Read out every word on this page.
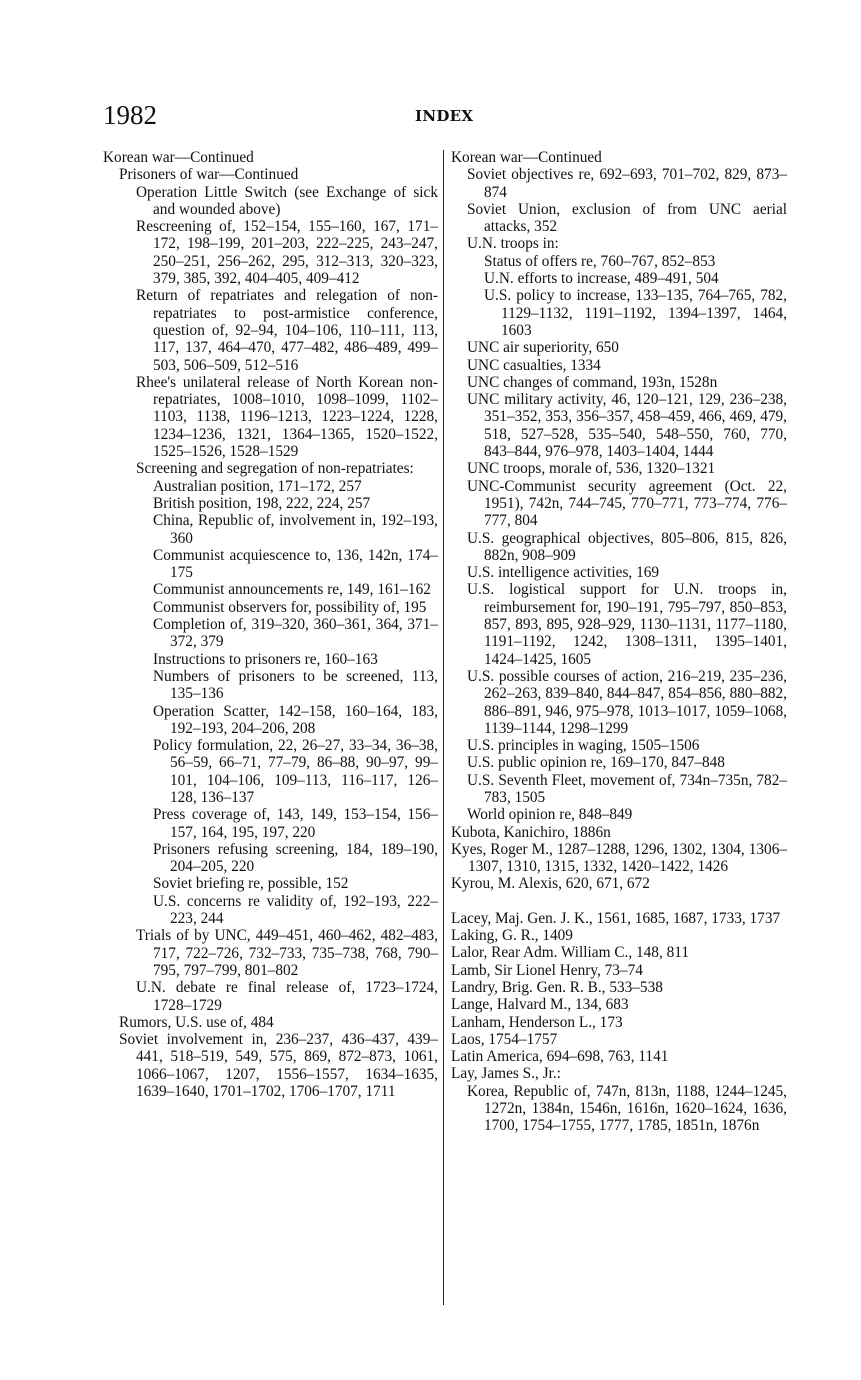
1982	INDEX
Korean war—Continued
Prisoners of war—Continued
Operation Little Switch (see Exchange of sick and wounded above)
Rescreening of, 152–154, 155–160, 167, 171–172, 198–199, 201–203, 222–225, 243–247, 250–251, 256–262, 295, 312–313, 320–323, 379, 385, 392, 404–405, 409–412
Return of repatriates and relegation of non-repatriates to post-armistice conference, question of, 92–94, 104–106, 110–111, 113, 117, 137, 464–470, 477–482, 486–489, 499–503, 506–509, 512–516
Rhee's unilateral release of North Korean non-repatriates, 1008–1010, 1098–1099, 1102–1103, 1138, 1196–1213, 1223–1224, 1228, 1234–1236, 1321, 1364–1365, 1520–1522, 1525–1526, 1528–1529
Screening and segregation of non-repatriates:
Australian position, 171–172, 257
British position, 198, 222, 224, 257
China, Republic of, involvement in, 192–193, 360
Communist acquiescence to, 136, 142n, 174–175
Communist announcements re, 149, 161–162
Communist observers for, possibility of, 195
Completion of, 319–320, 360–361, 364, 371–372, 379
Instructions to prisoners re, 160–163
Numbers of prisoners to be screened, 113, 135–136
Operation Scatter, 142–158, 160–164, 183, 192–193, 204–206, 208
Policy formulation, 22, 26–27, 33–34, 36–38, 56–59, 66–71, 77–79, 86–88, 90–97, 99–101, 104–106, 109–113, 116–117, 126–128, 136–137
Press coverage of, 143, 149, 153–154, 156–157, 164, 195, 197, 220
Prisoners refusing screening, 184, 189–190, 204–205, 220
Soviet briefing re, possible, 152
U.S. concerns re validity of, 192–193, 222–223, 244
Trials of by UNC, 449–451, 460–462, 482–483, 717, 722–726, 732–733, 735–738, 768, 790–795, 797–799, 801–802
U.N. debate re final release of, 1723–1724, 1728–1729
Rumors, U.S. use of, 484
Soviet involvement in, 236–237, 436–437, 439–441, 518–519, 549, 575, 869, 872–873, 1061, 1066–1067, 1207, 1556–1557, 1634–1635, 1639–1640, 1701–1702, 1706–1707, 1711
Korean war—Continued
Soviet objectives re, 692–693, 701–702, 829, 873–874
Soviet Union, exclusion of from UNC aerial attacks, 352
U.N. troops in:
Status of offers re, 760–767, 852–853
U.N. efforts to increase, 489–491, 504
U.S. policy to increase, 133–135, 764–765, 782, 1129–1132, 1191–1192, 1394–1397, 1464, 1603
UNC air superiority, 650
UNC casualties, 1334
UNC changes of command, 193n, 1528n
UNC military activity, 46, 120–121, 129, 236–238, 351–352, 353, 356–357, 458–459, 466, 469, 479, 518, 527–528, 535–540, 548–550, 760, 770, 843–844, 976–978, 1403–1404, 1444
UNC troops, morale of, 536, 1320–1321
UNC-Communist security agreement (Oct. 22, 1951), 742n, 744–745, 770–771, 773–774, 776–777, 804
U.S. geographical objectives, 805–806, 815, 826, 882n, 908–909
U.S. intelligence activities, 169
U.S. logistical support for U.N. troops in, reimbursement for, 190–191, 795–797, 850–853, 857, 893, 895, 928–929, 1130–1131, 1177–1180, 1191–1192, 1242, 1308–1311, 1395–1401, 1424–1425, 1605
U.S. possible courses of action, 216–219, 235–236, 262–263, 839–840, 844–847, 854–856, 880–882, 886–891, 946, 975–978, 1013–1017, 1059–1068, 1139–1144, 1298–1299
U.S. principles in waging, 1505–1506
U.S. public opinion re, 169–170, 847–848
U.S. Seventh Fleet, movement of, 734n–735n, 782–783, 1505
World opinion re, 848–849
Kubota, Kanichiro, 1886n
Kyes, Roger M., 1287–1288, 1296, 1302, 1304, 1306–1307, 1310, 1315, 1332, 1420–1422, 1426
Kyrou, M. Alexis, 620, 671, 672
Lacey, Maj. Gen. J. K., 1561, 1685, 1687, 1733, 1737
Laking, G. R., 1409
Lalor, Rear Adm. William C., 148, 811
Lamb, Sir Lionel Henry, 73–74
Landry, Brig. Gen. R. B., 533–538
Lange, Halvard M., 134, 683
Lanham, Henderson L., 173
Laos, 1754–1757
Latin America, 694–698, 763, 1141
Lay, James S., Jr.:
Korea, Republic of, 747n, 813n, 1188, 1244–1245, 1272n, 1384n, 1546n, 1616n, 1620–1624, 1636, 1700, 1754–1755, 1777, 1785, 1851n, 1876n
